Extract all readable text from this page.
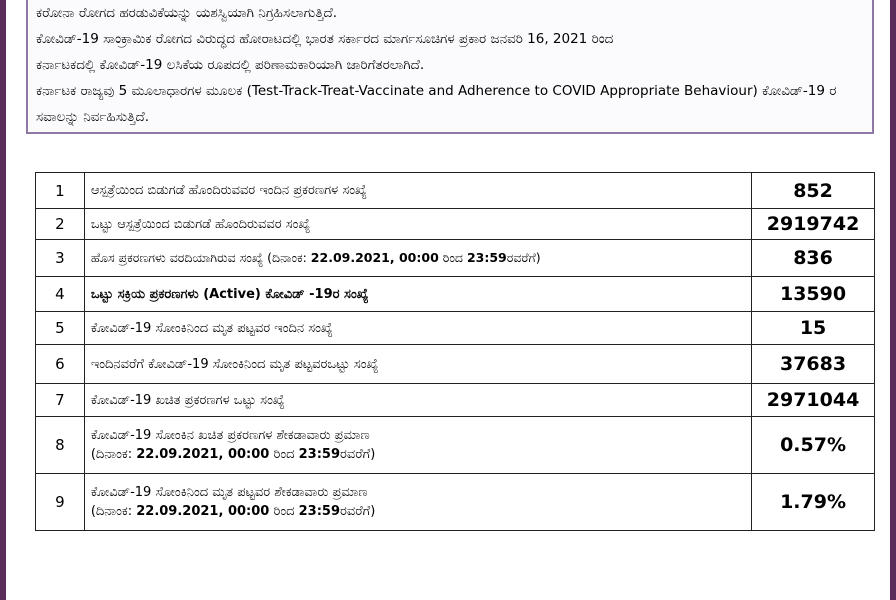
ಕರೋನಾ ರೋಗದ ಹರಡುವಿಕೆಯನ್ನು ಯಶಸ್ವಿಯಾಗಿ ನಿಗ್ರಹಿಸಲಾಗುತ್ತಿದೆ.

ಕೋವಿಡ್-19 ಸಾಂಕ್ರಾಮಿಕ ರೋಗದ ವಿರುದ್ಧದ ಹೋರಾಟದಲ್ಲಿ ಭಾರತ ಸರ್ಕಾರದ ಮಾರ್ಗಸೂಚಿಗಳ ಪ್ರಕಾರ ಜನವರಿ 16, 2021 ರಿಂದ

ಕರ್ನಾಟಕದಲ್ಲಿ ಕೋವಿಡ್-19 ಲಸಿಕೆಯ ರೂಪದಲ್ಲಿ ಪರಿಣಾಮಕಾರಿಯಾಗಿ ಜಾರಿಗೆತರಲಾಗಿದೆ.

ಕರ್ನಾಟಕ ರಾಜ್ಯವು 5 ಮೂಲಾಧಾರಗಳ ಮೂಲಕ (Test-Track-Treat-Vaccinate and Adherence to COVID Appropriate Behaviour) ಕೋವಿಡ್-19 ರ ಸವಾಲನ್ನು ನಿರ್ವಹಿಸುತ್ತಿದೆ.

1	ಆಸ್ಪತ್ರೆಯಿಂದ ಬಿಡುಗಡೆ ಹೊಂದಿರುವವರ ಇಂದಿನ ಪ್ರಕರಣಗಳ ಸಂಖ್ಯೆ	852
2	ಒಟ್ಟು ಆಸ್ಪತ್ರೆಯಿಂದ ಬಿಡುಗಡೆ ಹೊಂದಿರುವವರ ಸಂಖ್ಯೆ	2919742
3	ಹೊಸ ಪ್ರಕರಣಗಳು ವರದಿಯಾಗಿರುವ ಸಂಖ್ಯೆ (ದಿನಾಂಕ: 22.09.2021, 00:00 ರಿಂದ 23:59ರವರೆಗೆ)	836
4	ಒಟ್ಟು ಸಕ್ರಿಯ ಪ್ರಕರಣಗಳು (Active) ಕೋವಿಡ್ -19ರ ಸಂಖ್ಯೆ	13590
5	ಕೋವಿಡ್-19 ಸೋಂಕಿನಿಂದ ಮೃತ ಪಟ್ಟವರ ಇಂದಿನ ಸಂಖ್ಯೆ	15
6	ಇಂದಿನವರೆಗೆ ಕೋವಿಡ್-19 ಸೋಂಕಿನಿಂದ ಮೃತ ಪಟ್ಟವರಒಟ್ಟು ಸಂಖ್ಯೆ	37683
7	ಕೋವಿಡ್-19 ಖಚಿತ ಪ್ರಕರಣಗಳ ಒಟ್ಟು ಸಂಖ್ಯೆ	2971044
8	ಕೋವಿಡ್-19 ಸೋಂಕಿನ ಖಚಿತ ಪ್ರಕರಣಗಳ ಶೇಕಡಾವಾರು ಪ್ರಮಾಣ
(ದಿನಾಂಕ: 22.09.2021, 00:00 ರಿಂದ 23:59ರವರೆಗೆ)	0.57%
9	ಕೋವಿಡ್-19 ಸೋಂಕಿನಿಂದ ಮೃತ ಪಟ್ಟವರ ಶೇಕಡಾವಾರು ಪ್ರಮಾಣ
(ದಿನಾಂಕ: 22.09.2021, 00:00 ರಿಂದ 23:59ರವರೆಗೆ)	1.79%
